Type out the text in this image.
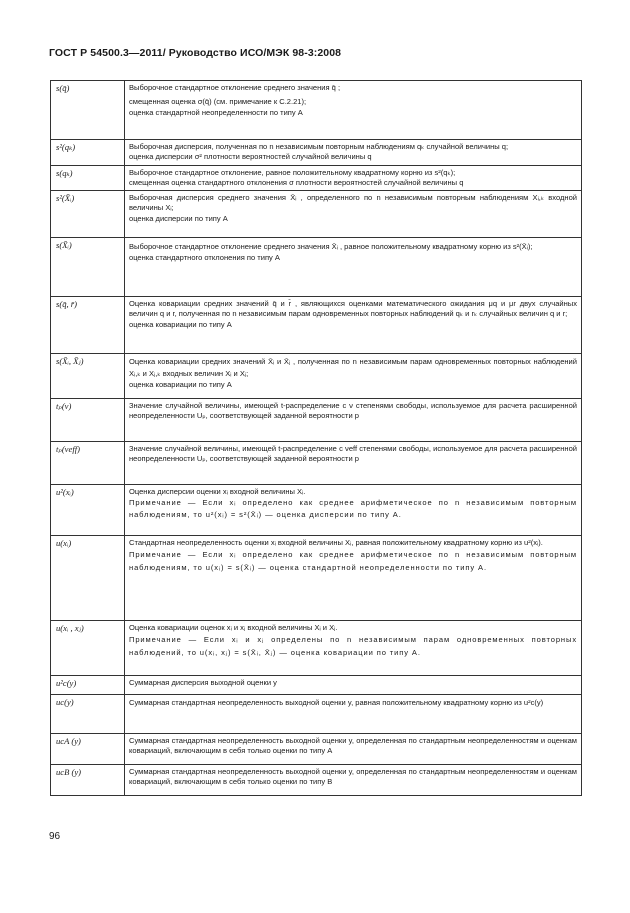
ГОСТ Р 54500.3—2011/ Руководство ИСО/МЭК 98-3:2008
s(q̄)	Выборочное стандартное отклонение среднего значения q̄ ;
смещенная оценка σ(q̄) (см. примечание к С.2.21);
оценка стандартной неопределенности по типу А

s²(qₖ)	Выборочная дисперсия, полученная по n независимым повторным наблюдениям qₖ случайной величины q;
оценка дисперсии σ² плотности вероятностей случайной величины q

s(qₖ)	Выборочное стандартное отклонение, равное положительному квадратному корню из s²(qₖ);
смещенная оценка стандартного отклонения σ плотности вероятностей случайной величины q

s²(X̄ᵢ)	Выборочная дисперсия среднего значения X̄ᵢ , определенного по n независимым повторным наблюдениям Xᵢ,ₖ входной величины Xᵢ;
оценка дисперсии по типу А

s(X̄ᵢ)	Выборочное стандартное отклонение среднего значения X̄ᵢ , равное положительному квадратному корню из s²(X̄ᵢ);
оценка стандартного отклонения по типу А

s(q̄, r̄)	Оценка ковариации средних значений q̄ и r̄ , являющихся оценками математического ожидания μq и μr двух случайных величин q и r, полученная по n независимым парам одновременных повторных наблюдений qₖ и rₖ случайных величин q и r;
оценка ковариации по типу А

s(X̄ᵢ, X̄ⱼ)	Оценка ковариации средних значений X̄ᵢ и X̄ⱼ , полученная по n независимым парам одновременных повторных наблюдений Xᵢ,ₖ и Xⱼ,ₖ входных величин Xᵢ и Xⱼ;
оценка ковариации по типу А

tₚ(ν)	Значение случайной величины, имеющей t-распределение с ν степенями свободы, используемое для расчета расширенной неопределенности Uₚ, соответствующей заданной вероятности p

tₚ(νeff)	Значение случайной величины, имеющей t-распределение с νeff степенями свободы, используемое для расчета расширенной неопределенности Uₚ, соответствующей заданной вероятности p

u²(xᵢ)	Оценка дисперсии оценки xᵢ входной величины Xᵢ.
Примечание — Если xᵢ определено как среднее арифметическое по n независимым повторным наблюдениям, то u²(xᵢ) = s²(X̄ᵢ) — оценка дисперсии по типу А.

u(xᵢ)	Стандартная неопределенность оценки xᵢ входной величины Xᵢ, равная положительному квадратному корню из u²(xᵢ).
Примечание — Если xᵢ определено как среднее арифметическое по n независимым повторным наблюдениям, то u(xᵢ) = s(X̄ᵢ) — оценка стандартной неопределенности по типу А.

u(xᵢ , xⱼ)	Оценка ковариации оценок xᵢ и xⱼ входной величины Xᵢ и Xⱼ.
Примечание — Если xᵢ и xⱼ определены по n независимым парам одновременных повторных наблюдений, то u(xᵢ, xⱼ) = s(X̄ᵢ, X̄ⱼ) — оценка ковариации по типу А.

u²c(y)	Суммарная дисперсия выходной оценки y

uc(y)	Суммарная стандартная неопределенность выходной оценки y, равная положительному квадратному корню из u²c(y)

ucA (y)	Суммарная стандартная неопределенность выходной оценки y, определенная по стандартным неопределенностям и оценкам ковариаций, включающим в себя только оценки по типу А

ucB (y)	Суммарная стандартная неопределенность выходной оценки y, определенная по стандартным неопределенностям и оценкам ковариаций, включающим в себя только оценки по типу В
96
